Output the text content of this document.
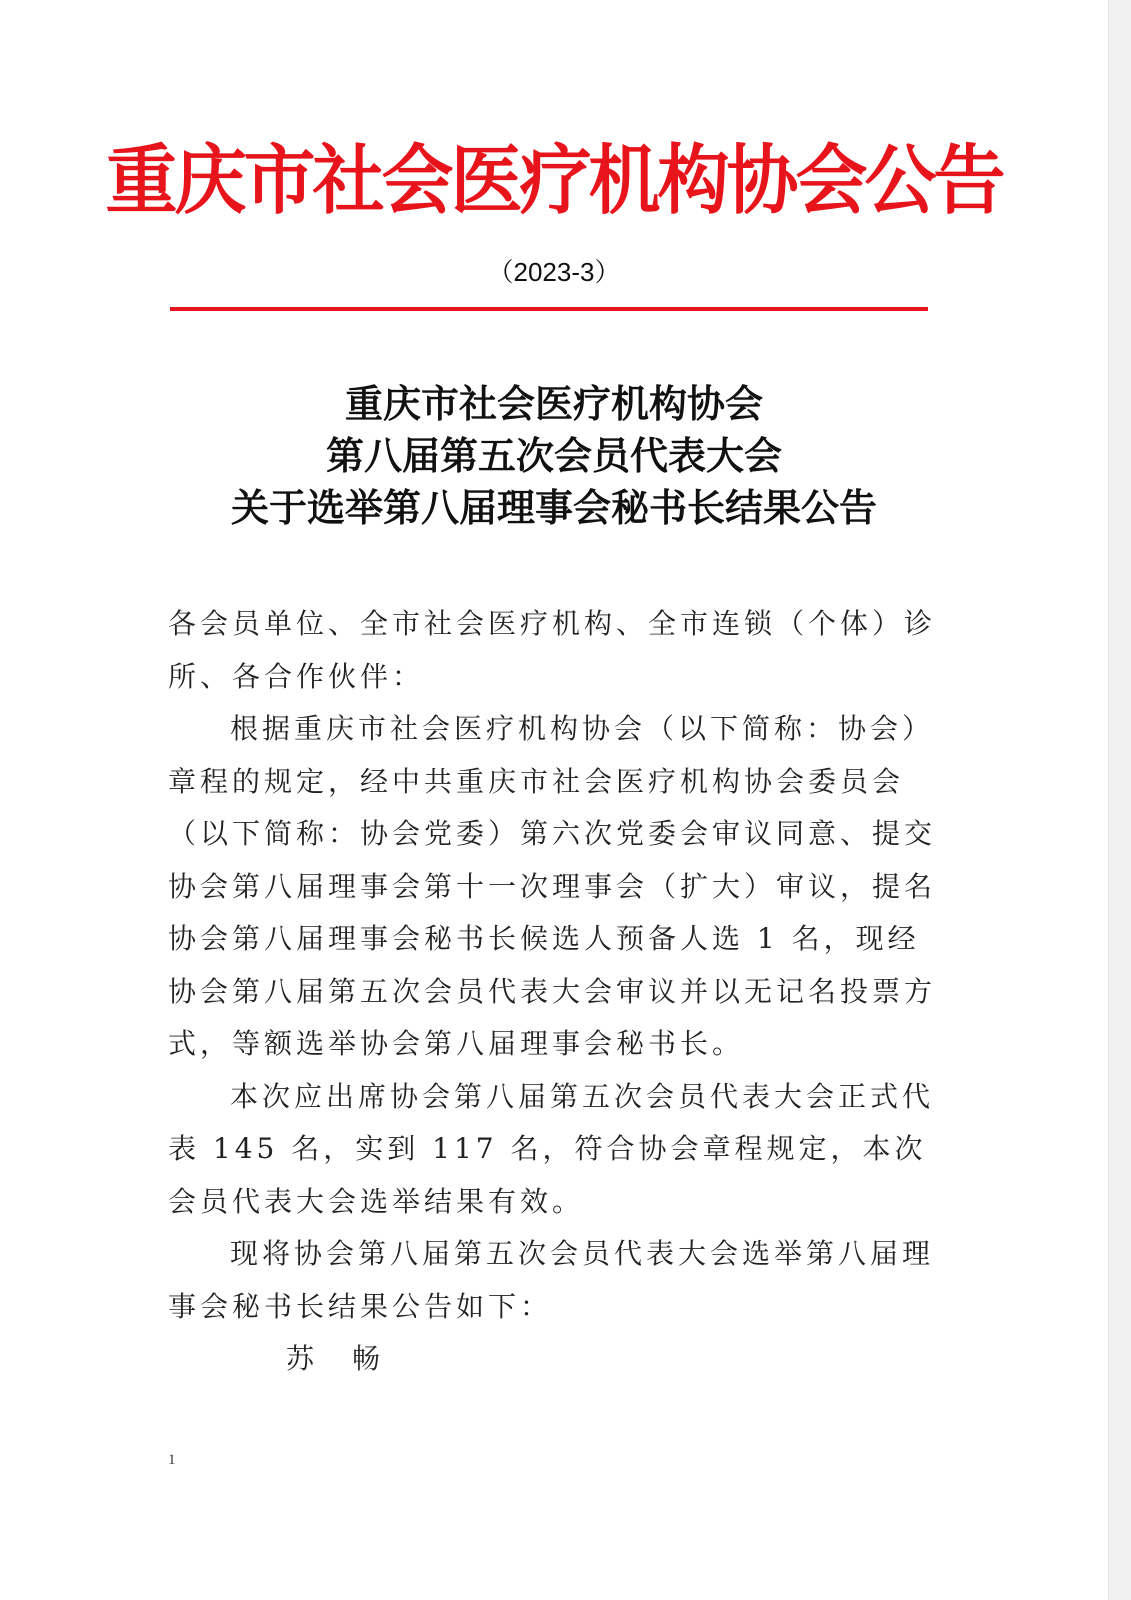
重庆市社会医疗机构协会公告
（2023-3）
重庆市社会医疗机构协会
第八届第五次会员代表大会
关于选举第八届理事会秘书长结果公告

各会员单位、全市社会医疗机构、全市连锁（个体）诊所、各合作伙伴：

根据重庆市社会医疗机构协会（以下简称：协会）章程的规定，经中共重庆市社会医疗机构协会委员会（以下简称：协会党委）第六次党委会审议同意、提交协会第八届理事会第十一次理事会（扩大）审议，提名协会第八届理事会秘书长候选人预备人选 1 名，现经协会第八届第五次会员代表大会审议并以无记名投票方式，等额选举协会第八届理事会秘书长。

本次应出席协会第八届第五次会员代表大会正式代表 145 名，实到 117 名，符合协会章程规定，本次会员代表大会选举结果有效。

现将协会第八届第五次会员代表大会选举第八届理事会秘书长结果公告如下：

苏畅

1
